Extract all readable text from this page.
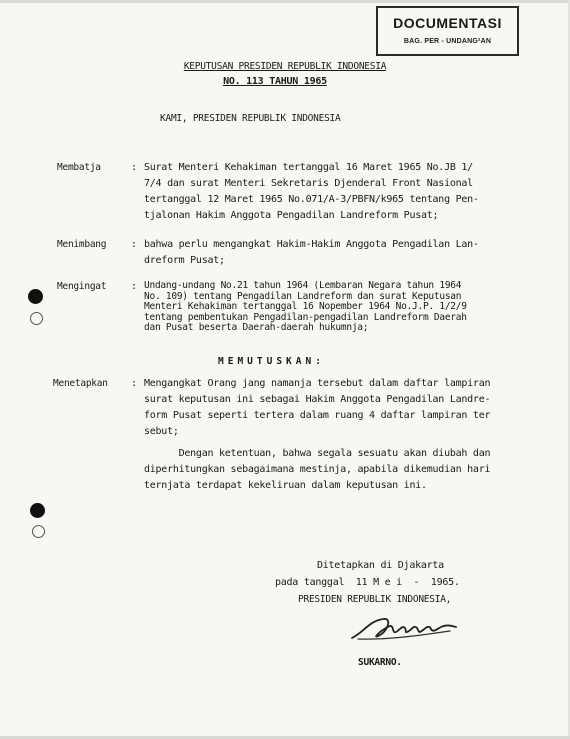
DOCUMENTASI
BAG. PER - UNDANG²AN
KEPUTUSAN PRESIDEN REPUBLIK INDONESIA
NO. 113 TAHUN 1965
KAMI, PRESIDEN REPUBLIK INDONESIA
Membatja	: Surat Menteri Kehakiman tertanggal 16 Maret 1965 No.JB 1/
7/4 dan surat Menteri Sekretaris Djenderal Front Nasional
tertanggal 12 Maret 1965 No.071/A-3/PBFN/k965 tentang Pen-
tjalonan Hakim Anggota Pengadilan Landreform Pusat;
Menimbang : bahwa perlu mengangkat Hakim-Hakim Anggota Pengadilan Lan-
dreform Pusat;
Mengingat : Undang-undang No.21 tahun 1964 (Lembaran Negara tahun 1964
No. 109) tentang Pengadilan Landreform dan surat Keputusan
Menteri Kehakiman tertanggal 16 Nopember 1964 No.J.P. 1/2/9
tentang pembentukan Pengadilan-pengadilan Landreform Daerah
dan Pusat beserta Daerah-daerah hukumnja;
MEMUTUSKAN:
Menetapkan : Mengangkat Orang jang namanja tersebut dalam daftar lampiran
surat keputusan ini sebagai Hakim Anggota Pengadilan Landre-
form Pusat seperti tertera dalam ruang 4 daftar lampiran ter
sebut;
Dengan ketentuan, bahwa segala sesuatu akan diubah dan
diperhitungkan sebagaimana mestinja, apabila dikemudian hari
ternjata terdapat kekeliruan dalam keputusan ini.
Ditetapkan di Djakarta
pada tanggal  11 M e i  -  1965.
PRESIDEN REPUBLIK INDONESIA,
SUKARNO.
